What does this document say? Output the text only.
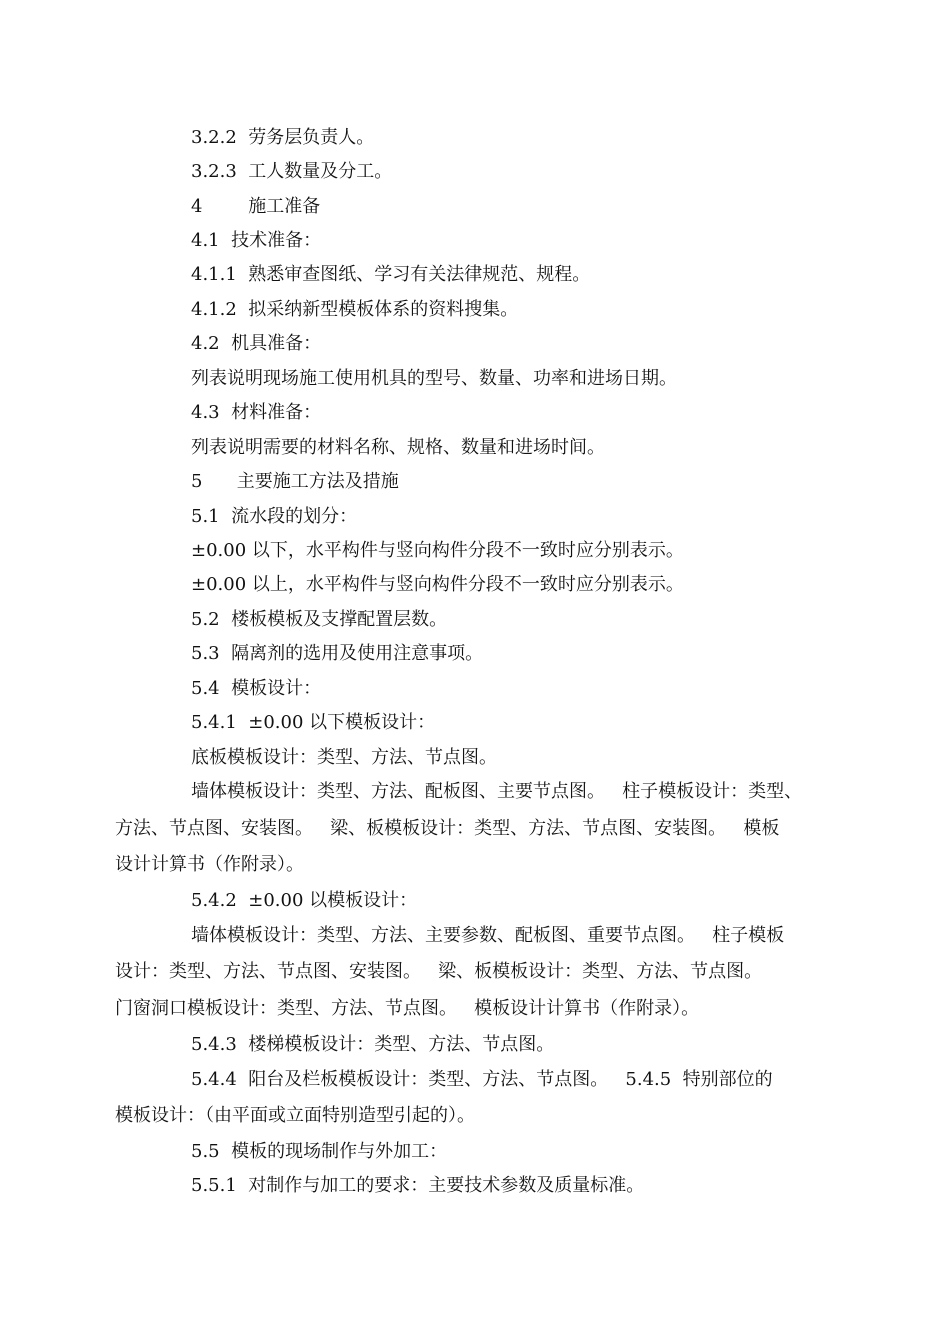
3.2.2  劳务层负责人。
3.2.3  工人数量及分工。
4        施工准备
4.1  技术准备：
4.1.1  熟悉审查图纸、学习有关法律规范、规程。
4.1.2  拟采纳新型模板体系的资料搜集。
4.2  机具准备：
列表说明现场施工使用机具的型号、数量、功率和进场日期。
4.3  材料准备：
列表说明需要的材料名称、规格、数量和进场时间。
5      主要施工方法及措施
5.1  流水段的划分：
±0.00 以下，水平构件与竖向构件分段不一致时应分别表示。
±0.00 以上，水平构件与竖向构件分段不一致时应分别表示。
5.2  楼板模板及支撑配置层数。
5.3  隔离剂的选用及使用注意事项。
5.4  模板设计：
5.4.1  ±0.00 以下模板设计：
底板模板设计：类型、方法、节点图。
墙体模板设计：类型、方法、配板图、主要节点图。   柱子模板设计：类型、
方法、节点图、安装图。   梁、板模板设计：类型、方法、节点图、安装图。   模板
设计计算书（作附录）。
5.4.2  ±0.00 以模板设计：
墙体模板设计：类型、方法、主要参数、配板图、重要节点图。   柱子模板
设计：类型、方法、节点图、安装图。   梁、板模板设计：类型、方法、节点图。
门窗洞口模板设计：类型、方法、节点图。   模板设计计算书（作附录）。
5.4.3  楼梯模板设计：类型、方法、节点图。
5.4.4  阳台及栏板模板设计：类型、方法、节点图。   5.4.5  特别部位的
模板设计：（由平面或立面特别造型引起的）。
5.5  模板的现场制作与外加工：
5.5.1  对制作与加工的要求：主要技术参数及质量标准。
